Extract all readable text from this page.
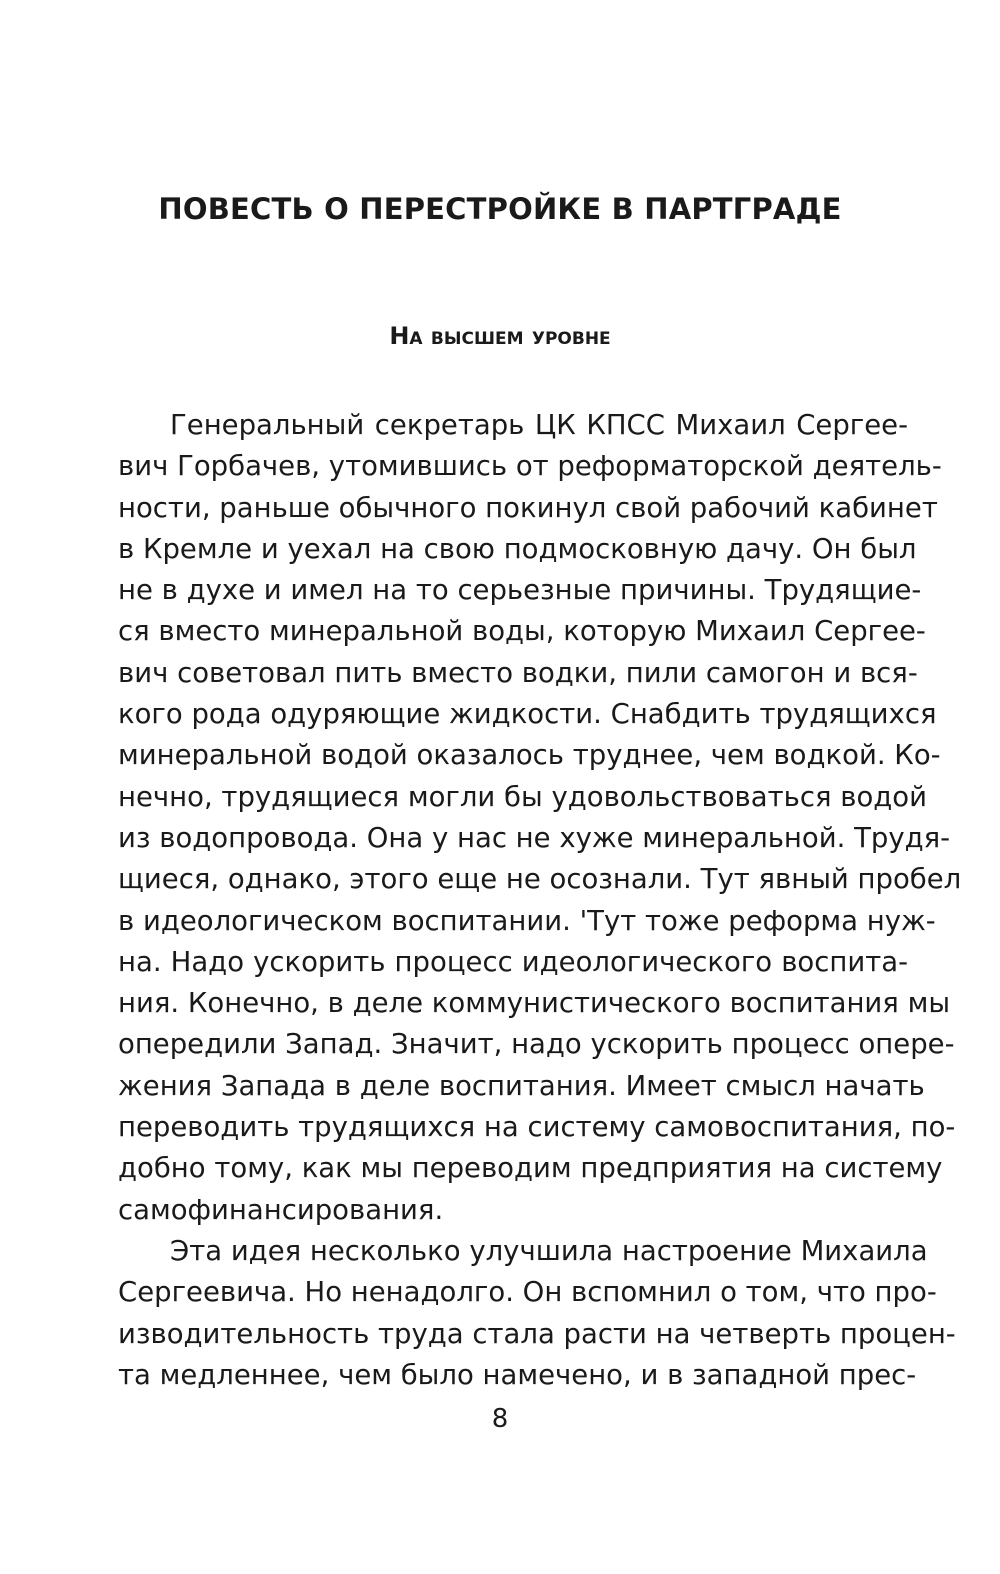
ПОВЕСТЬ О ПЕРЕСТРОЙКЕ В ПАРТГРАДЕ
На высшем уровне
Генеральный секретарь ЦК КПСС Михаил Сергее-
вич Горбачев, утомившись от реформаторской деятель-
ности, раньше обычного покинул свой рабочий кабинет
в Кремле и уехал на свою подмосковную дачу. Он был
не в духе и имел на то серьезные причины. Трудящие-
ся вместо минеральной воды, которую Михаил Сергее-
вич советовал пить вместо водки, пили самогон и вся-
кого рода одуряющие жидкости. Снабдить трудящихся
минеральной водой оказалось труднее, чем водкой. Ко-
нечно, трудящиеся могли бы удовольствоваться водой
из водопровода. Она у нас не хуже минеральной. Трудя-
щиеся, однако, этого еще не осознали. Тут явный пробел
в идеологическом воспитании. 'Тут тоже реформа нуж-
на. Надо ускорить процесс идеологического воспита-
ния. Конечно, в деле коммунистического воспитания мы
опередили Запад. Значит, надо ускорить процесс опере-
жения Запада в деле воспитания. Имеет смысл начать
переводить трудящихся на систему самовоспитания, по-
добно тому, как мы переводим предприятия на систему
самофинансирования.
Эта идея несколько улучшила настроение Михаила
Сергеевича. Но ненадолго. Он вспомнил о том, что про-
изводительность труда стала расти на четверть процен-
та медленнее, чем было намечено, и в западной прес-
8
